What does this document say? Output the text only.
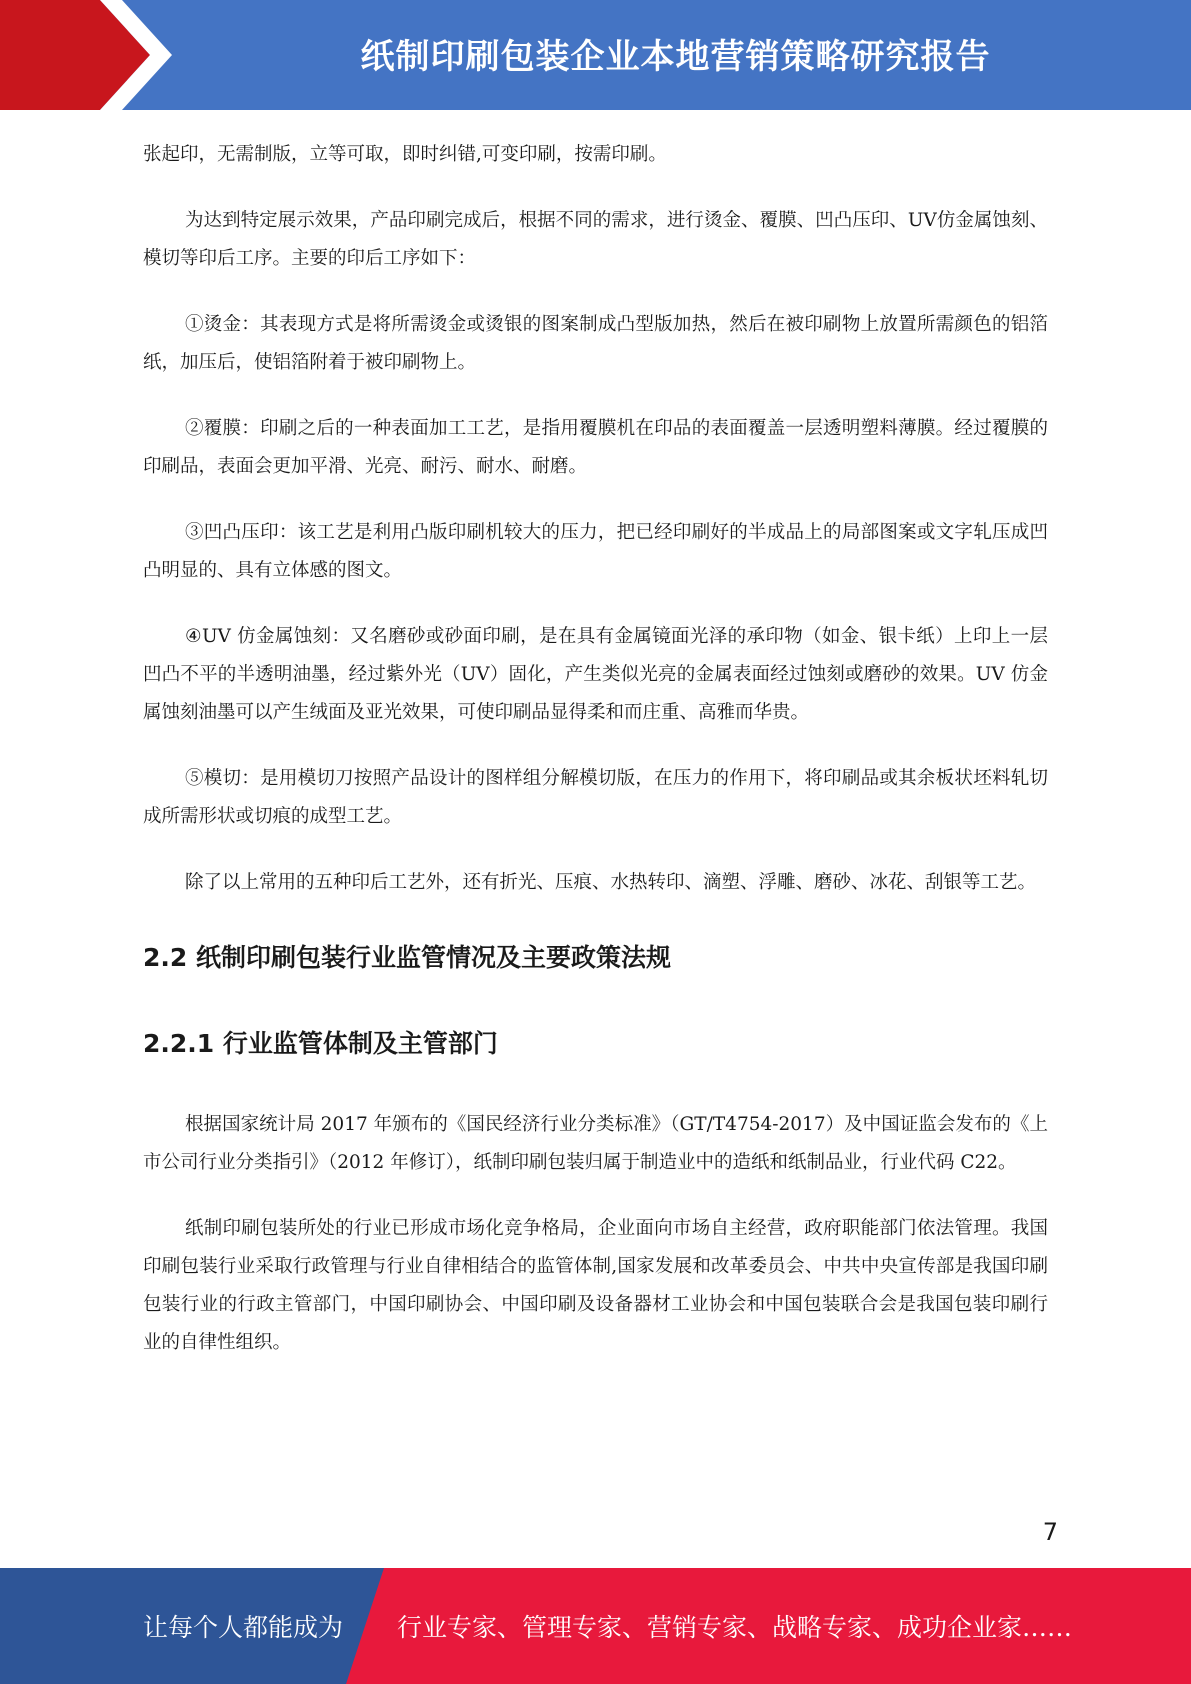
纸制印刷包装企业本地营销策略研究报告

张起印，无需制版，立等可取，即时纠错,可变印刷，按需印刷。

为达到特定展示效果，产品印刷完成后，根据不同的需求，进行烫金、覆膜、凹凸压印、UV仿金属蚀刻、模切等印后工序。主要的印后工序如下：

①烫金：其表现方式是将所需烫金或烫银的图案制成凸型版加热，然后在被印刷物上放置所需颜色的铝箔纸，加压后，使铝箔附着于被印刷物上。

②覆膜：印刷之后的一种表面加工工艺，是指用覆膜机在印品的表面覆盖一层透明塑料薄膜。经过覆膜的印刷品，表面会更加平滑、光亮、耐污、耐水、耐磨。

③凹凸压印：该工艺是利用凸版印刷机较大的压力，把已经印刷好的半成品上的局部图案或文字轧压成凹凸明显的、具有立体感的图文。

④UV 仿金属蚀刻：又名磨砂或砂面印刷，是在具有金属镜面光泽的承印物（如金、银卡纸）上印上一层凹凸不平的半透明油墨，经过紫外光（UV）固化，产生类似光亮的金属表面经过蚀刻或磨砂的效果。UV 仿金属蚀刻油墨可以产生绒面及亚光效果，可使印刷品显得柔和而庄重、高雅而华贵。

⑤模切：是用模切刀按照产品设计的图样组分解模切版，在压力的作用下，将印刷品或其余板状坯料轧切成所需形状或切痕的成型工艺。

除了以上常用的五种印后工艺外，还有折光、压痕、水热转印、滴塑、浮雕、磨砂、冰花、刮银等工艺。

2.2 纸制印刷包装行业监管情况及主要政策法规
2.2.1 行业监管体制及主管部门

根据国家统计局 2017 年颁布的《国民经济行业分类标准》（GT/T4754-2017）及中国证监会发布的《上市公司行业分类指引》（2012 年修订），纸制印刷包装归属于制造业中的造纸和纸制品业，行业代码 C22。

纸制印刷包装所处的行业已形成市场化竞争格局，企业面向市场自主经营，政府职能部门依法管理。我国印刷包装行业采取行政管理与行业自律相结合的监管体制,国家发展和改革委员会、中共中央宣传部是我国印刷包装行业的行政主管部门，中国印刷协会、中国印刷及设备器材工业协会和中国包装联合会是我国包装印刷行业的自律性组织。

7
让每个人都能成为 行业专家、管理专家、营销专家、战略专家、成功企业家……
